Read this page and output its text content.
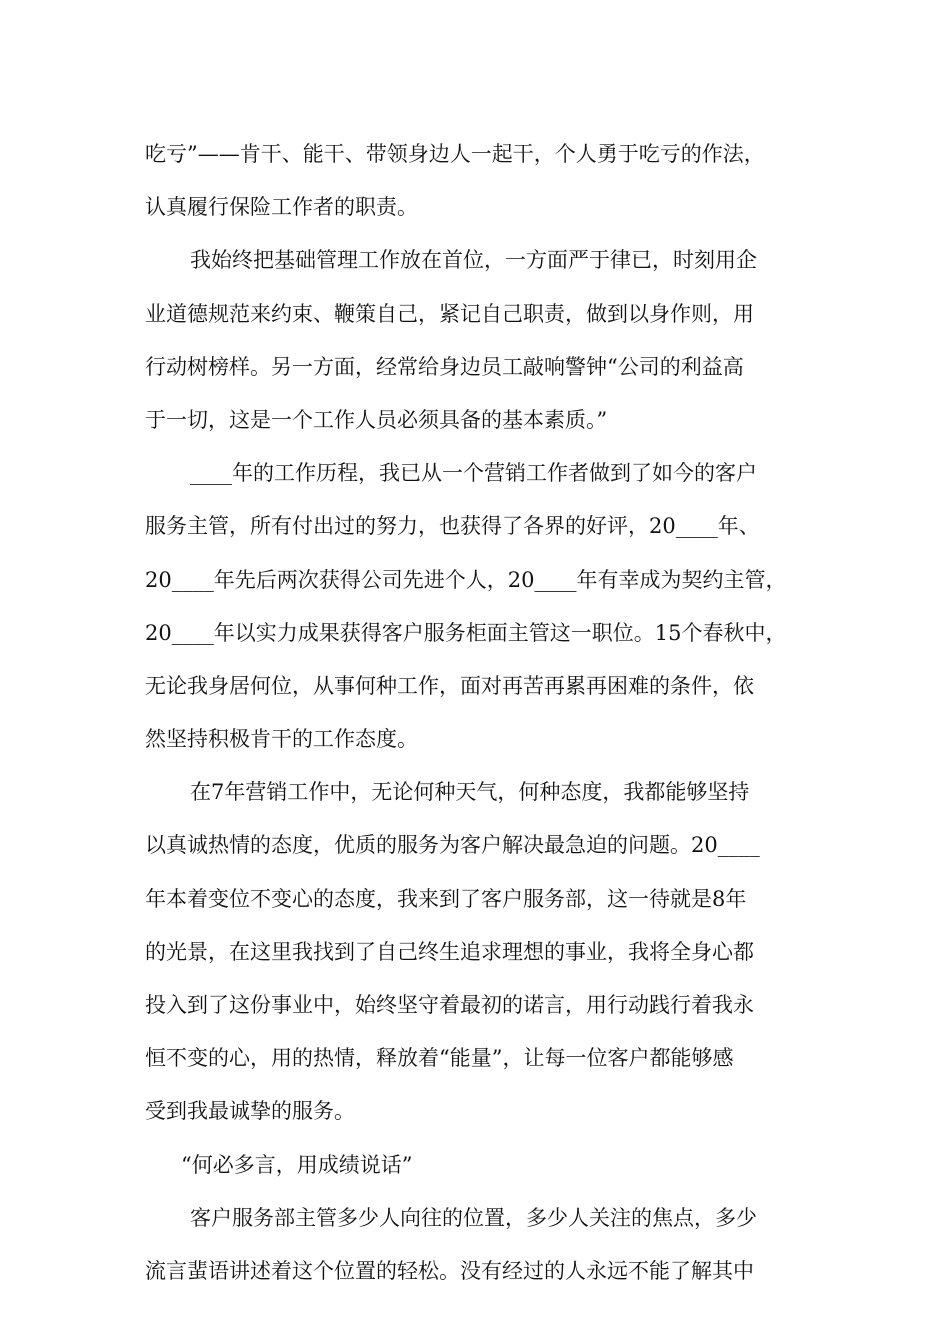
吃亏”——肯干、能干、带领身边人一起干，个人勇于吃亏的作法，
认真履行保险工作者的职责。
我始终把基础管理工作放在首位，一方面严于律已，时刻用企
业道德规范来约束、鞭策自己，紧记自己职责，做到以身作则，用
行动树榜样。另一方面，经常给身边员工敲响警钟“公司的利益高
于一切，这是一个工作人员必须具备的基本素质。”
____年的工作历程，我已从一个营销工作者做到了如今的客户
服务主管，所有付出过的努力，也获得了各界的好评，20____年、
20____年先后两次获得公司先进个人，20____年有幸成为契约主管，
20____年以实力成果获得客户服务柜面主管这一职位。15个春秋中，
无论我身居何位，从事何种工作，面对再苦再累再困难的条件，依
然坚持积极肯干的工作态度。
在7年营销工作中，无论何种天气，何种态度，我都能够坚持
以真诚热情的态度，优质的服务为客户解决最急迫的问题。20____
年本着变位不变心的态度，我来到了客户服务部，这一待就是8年
的光景，在这里我找到了自己终生追求理想的事业，我将全身心都
投入到了这份事业中，始终坚守着最初的诺言，用行动践行着我永
恒不变的心，用的热情，释放着“能量”，让每一位客户都能够感
受到我最诚挚的服务。
“何必多言，用成绩说话”
客户服务部主管多少人向往的位置，多少人关注的焦点，多少
流言蜚语讲述着这个位置的轻松。没有经过的人永远不能了解其中
